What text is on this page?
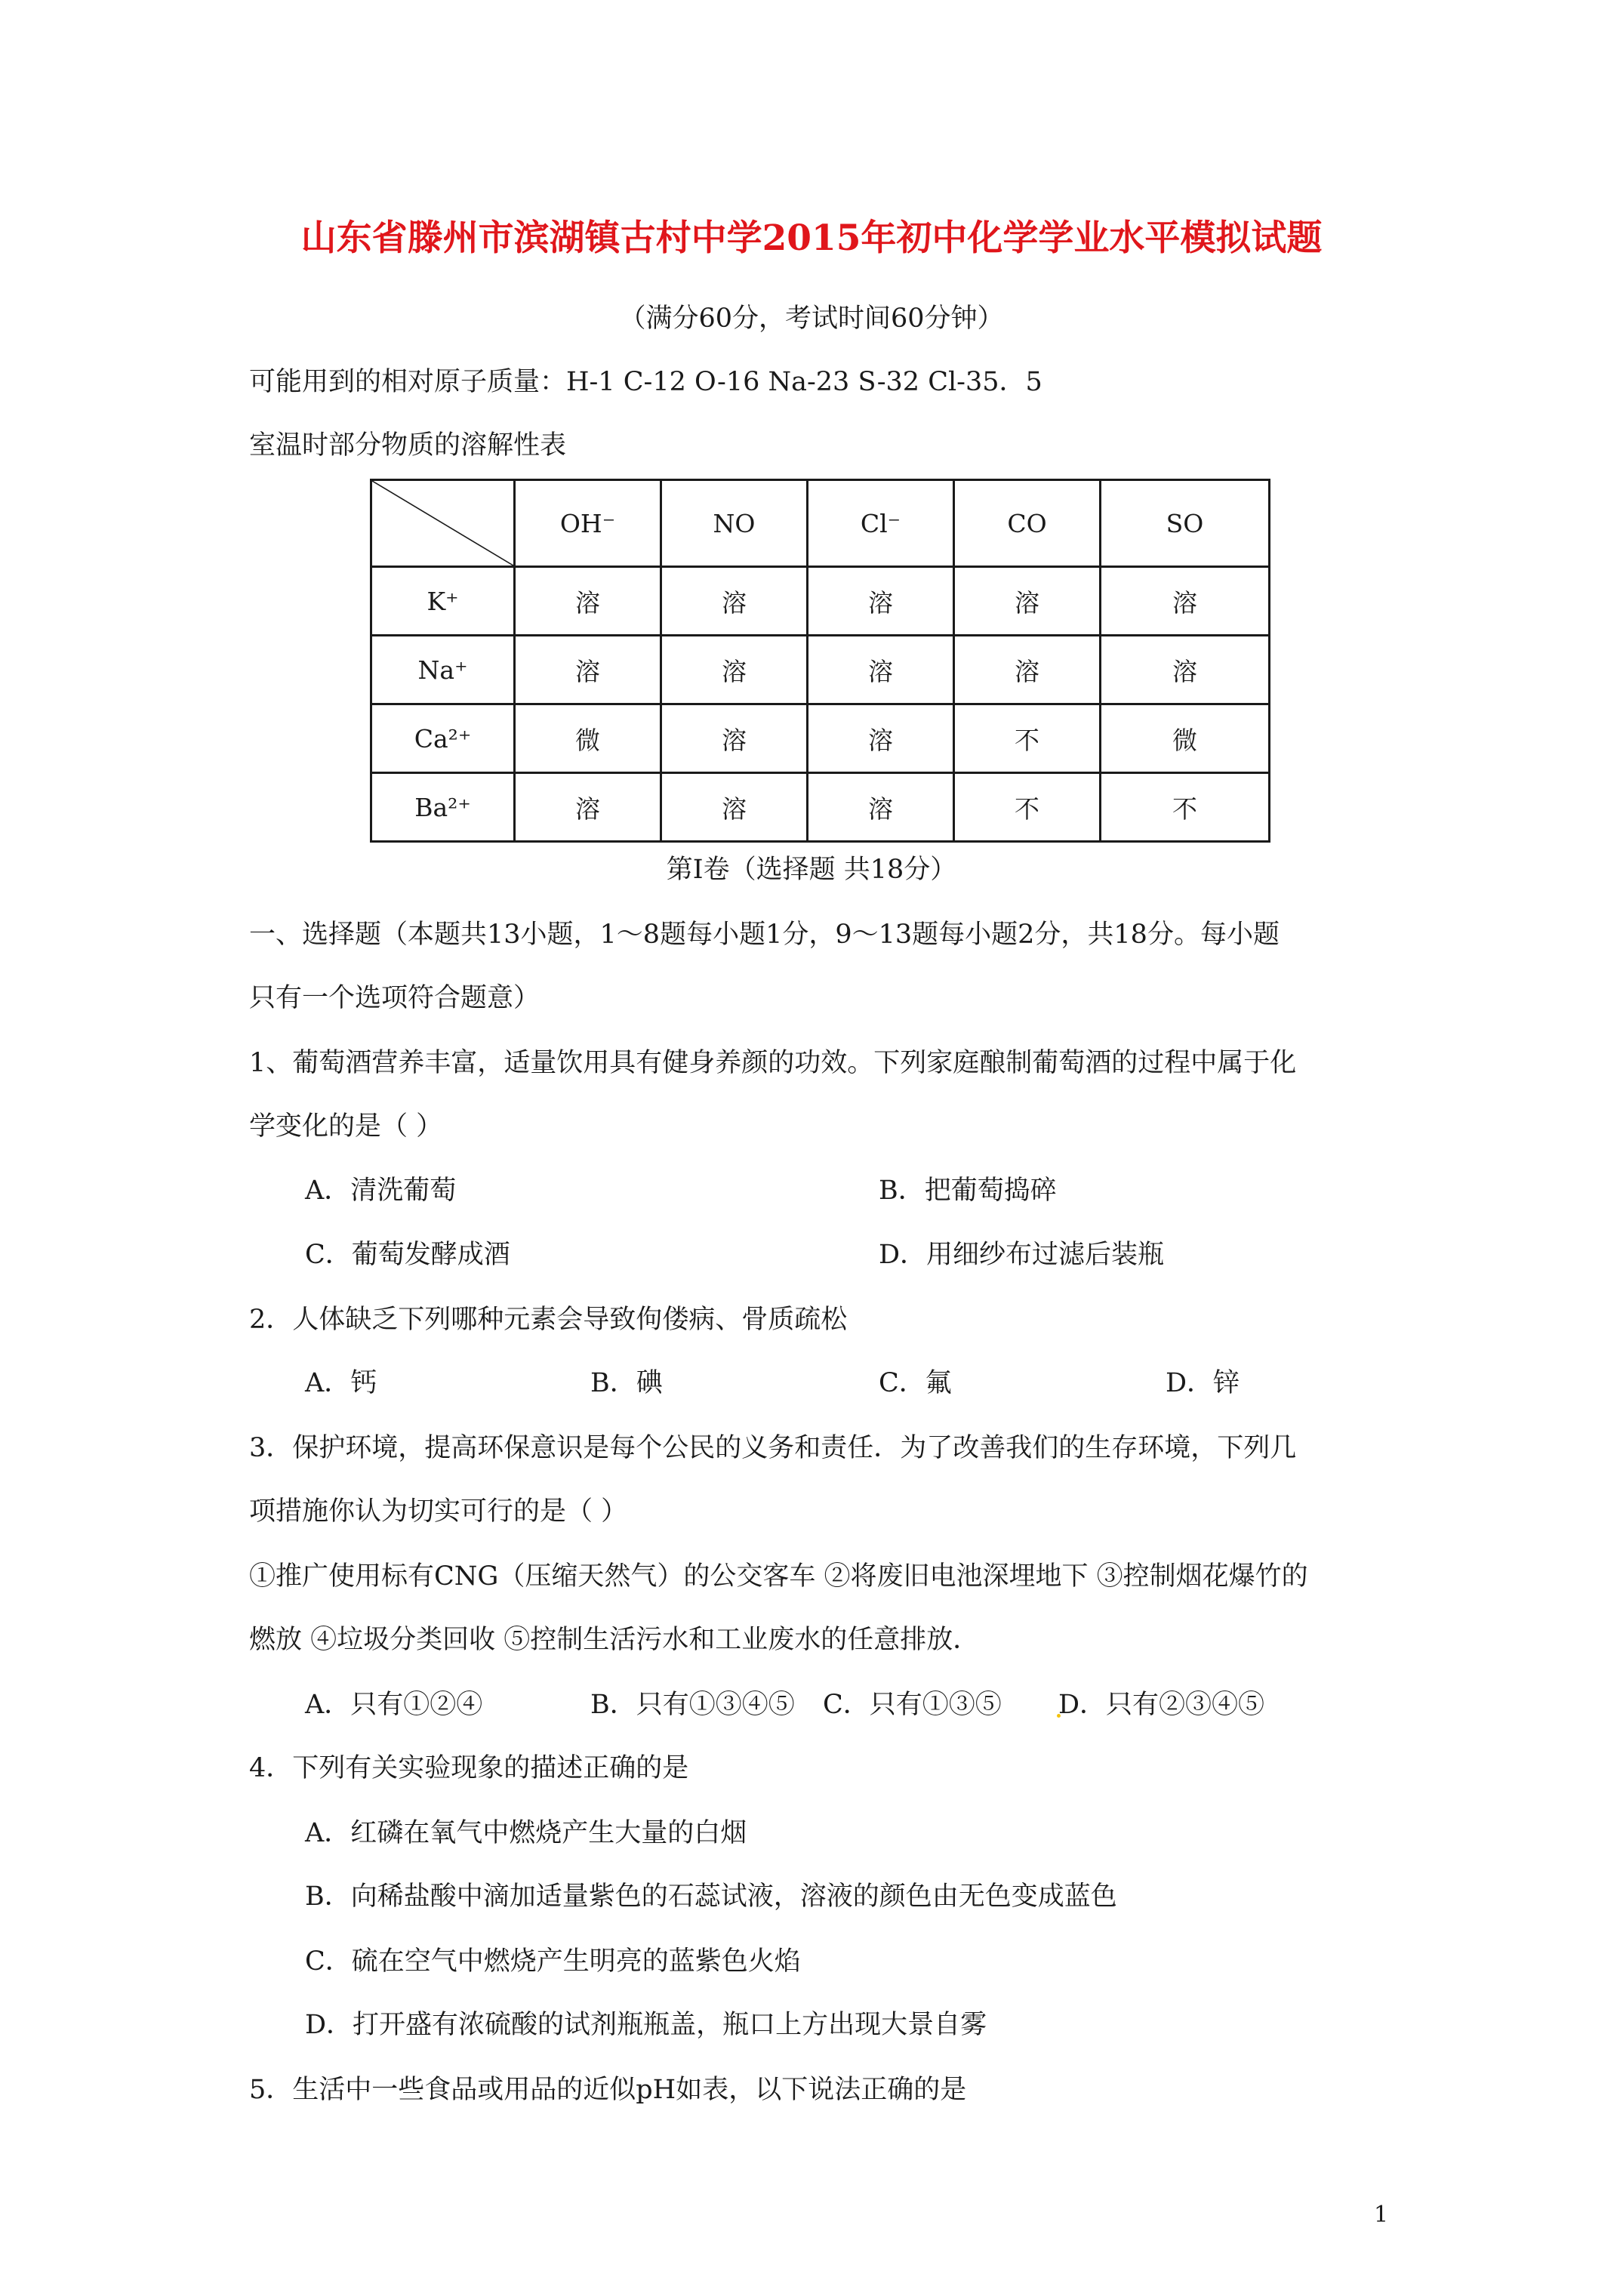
山东省滕州市滨湖镇古村中学2015年初中化学学业水平模拟试题
（满分60分，考试时间60分钟）
可能用到的相对原子质量：H-1 C-12 O-16 Na-23 S-32 Cl-35．5
室温时部分物质的溶解性表
	OH⁻	NO	Cl⁻	CO	SO
K⁺	溶	溶	溶	溶	溶
Na⁺	溶	溶	溶	溶	溶
Ca²⁺	微	溶	溶	不	微
Ba²⁺	溶	溶	溶	不	不
第Ⅰ卷（选择题 共18分）
一、选择题（本题共13小题，1～8题每小题1分，9～13题每小题2分，共18分。每小题
只有一个选项符合题意）
1、葡萄酒营养丰富，适量饮用具有健身养颜的功效。下列家庭酿制葡萄酒的过程中属于化
学变化的是（ ）
A．清洗葡萄	B．把葡萄捣碎
C．葡萄发酵成酒	D．用细纱布过滤后装瓶
2．人体缺乏下列哪种元素会导致佝偻病、骨质疏松
A．钙	B．碘	C．氟	D．锌
3．保护环境，提高环保意识是每个公民的义务和责任．为了改善我们的生存环境，下列几
项措施你认为切实可行的是（ ）
①推广使用标有CNG（压缩天然气）的公交客车 ②将废旧电池深埋地下 ③控制烟花爆竹的
燃放 ④垃圾分类回收 ⑤控制生活污水和工业废水的任意排放．
A．只有①②④	B．只有①③④⑤ C．只有①③⑤ D．只有②③④⑤
4．下列有关实验现象的描述正确的是
A．红磷在氧气中燃烧产生大量的白烟
B．向稀盐酸中滴加适量紫色的石蕊试液，溶液的颜色由无色变成蓝色
C．硫在空气中燃烧产生明亮的蓝紫色火焰
D．打开盛有浓硫酸的试剂瓶瓶盖，瓶口上方出现大景自雾
5．生活中一些食品或用品的近似pH如表，以下说法正确的是
1
